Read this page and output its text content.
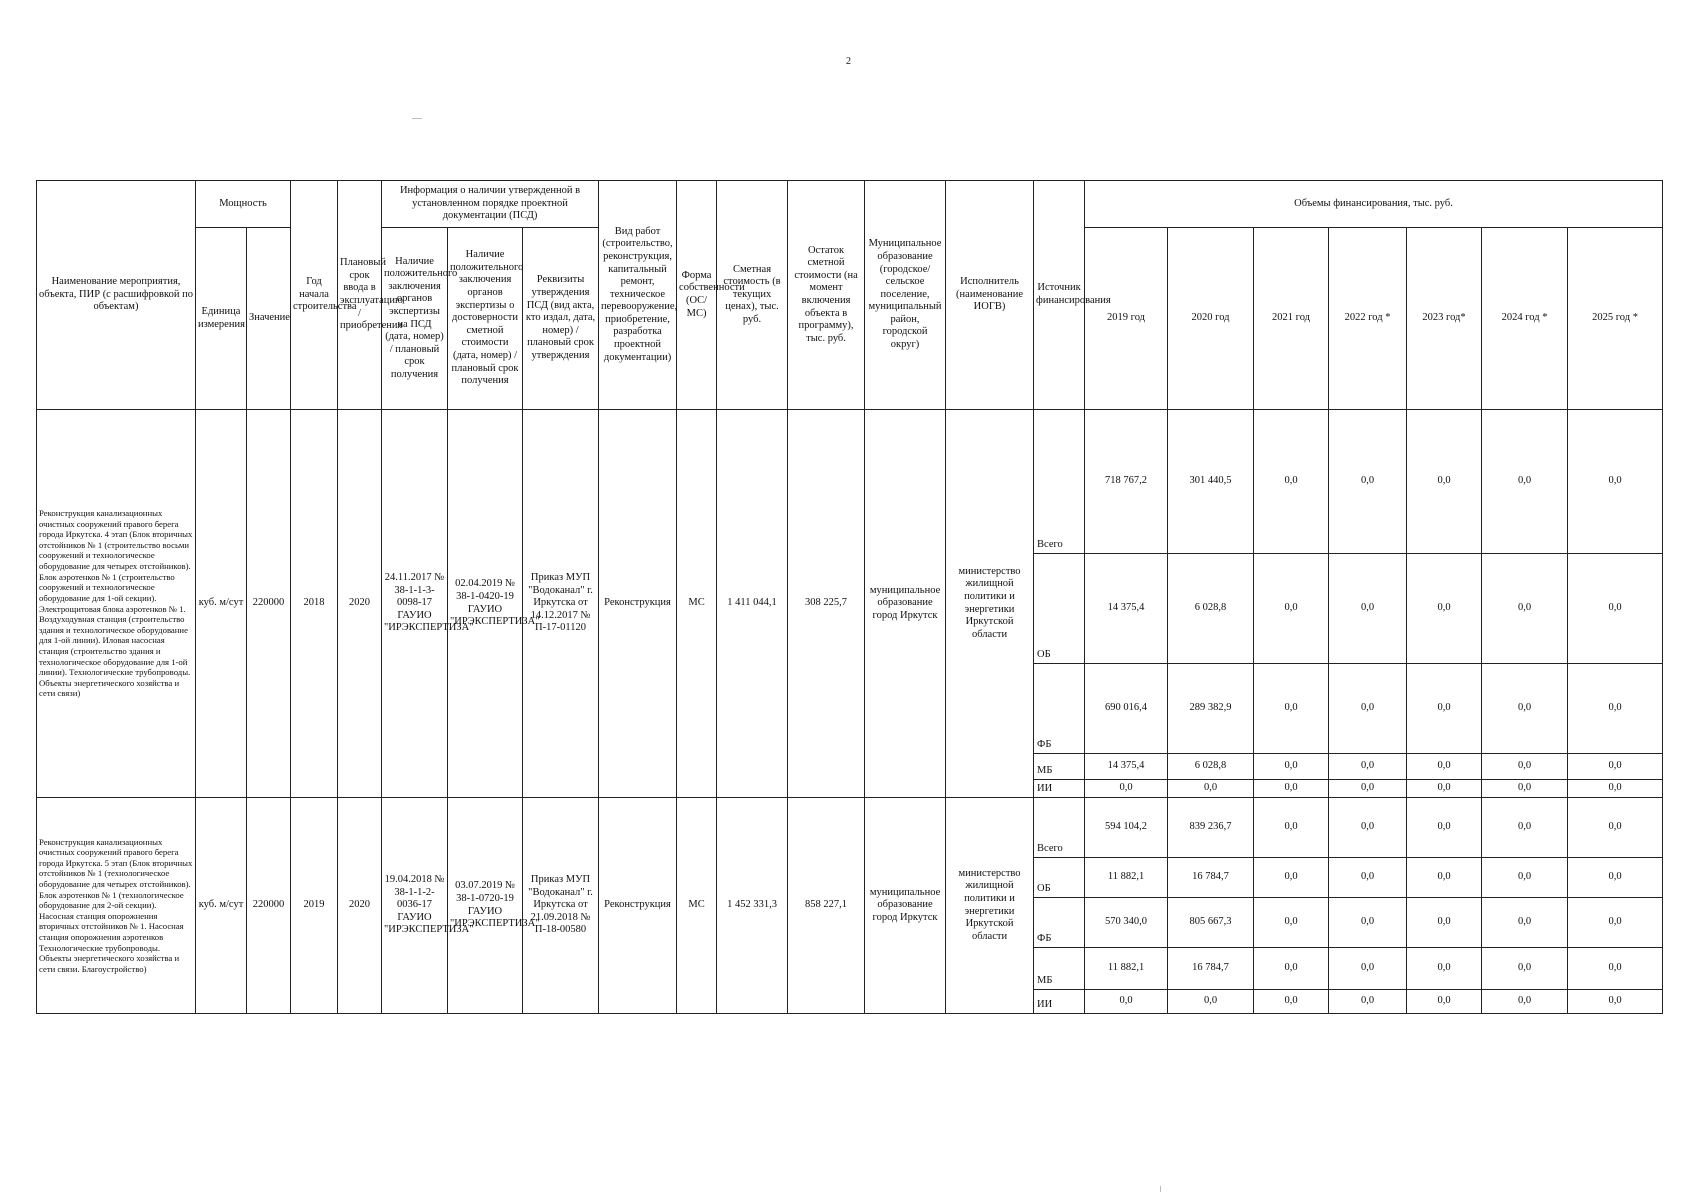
2
Наименование мероприятия, объекта, ПИР (с расшифровкой по объектам)	Мощность		Год начала строительства	Плановый срок ввода в эксплуатацию / приобретения	Информация о наличии утвержденной в установленном порядке проектной документации (ПСД)			Вид работ (строительство, реконструкция, капитальный ремонт, техническое перевооружение, приобретение, разработка проектной документации)	Форма собственности (ОС/МС)	Сметная стоимость (в текущих ценах), тыс. руб.	Остаток сметной стоимости (на момент включения объекта в программу), тыс. руб.	Муниципальное образование (городское/сельское поселение, муниципальный район, городской округ)	Исполнитель (наименование ИОГВ)	Источник финансирования	Объемы финансирования, тыс. руб.						
	Единица измерения	Значение			Наличие положительного заключения органов экспертизы на ПСД (дата, номер) / плановый срок получения	Наличие положительного заключения органов экспертизы о достоверности сметной стоимости (дата, номер) / плановый срок получения	Реквизиты утверждения ПСД (вид акта, кто издал, дата, номер) / плановый срок утверждения								2019 год	2020 год	2021 год	2022 год *	2023 год*	2024 год *	2025 год *
Реконструкция канализационных очистных сооружений правого берега города Иркутска. 4 этап (Блок вторичных отстойников № 1 (строительство восьми сооружений и технологическое оборудование для четырех отстойников). Блок аэротенков № 1 (строительство сооружений и технологическое оборудование для 1-ой секции). Электрощитовая блока аэротенков № 1. Воздуходувная станция (строительство здания и технологическое оборудование для 1-ой линии). Иловая насосная станция (строительство здания и технологическое оборудование для 1-ой линии). Технологические трубопроводы. Объекты энергетического хозяйства и сети связи)	куб. м/сут	220000	2018	2020	24.11.2017 № 38-1-1-3-0098-17 ГАУИО "ИРЭКСПЕРТИЗА"	02.04.2019 № 38-1-0420-19 ГАУИО "ИРЭКСПЕРТИЗА"	Приказ МУП "Водоканал" г. Иркутска от 14.12.2017 № П-17-01120	Реконструкция	МС	1 411 044,1	308 225,7	муниципальное образование город Иркутск	министерство жилищной политики и энергетики Иркутской области	Всего	718 767,2	301 440,5	0,0	0,0	0,0	0,0	0,0
														ОБ	14 375,4	6 028,8	0,0	0,0	0,0	0,0	0,0
														ФБ	690 016,4	289 382,9	0,0	0,0	0,0	0,0	0,0
														МБ	14 375,4	6 028,8	0,0	0,0	0,0	0,0	0,0
														ИИ	0,0	0,0	0,0	0,0	0,0	0,0	0,0
Реконструкция канализационных очистных сооружений правого берега города Иркутска. 5 этап (Блок вторичных отстойников № 1 (технологическое оборудование для четырех отстойников). Блок аэротенков № 1 (технологическое оборудование для 2-ой секции). Насосная станция опорожнения вторичных отстойников № 1. Насосная станция опорожнения аэротенков Технологические трубопроводы. Объекты энергетического хозяйства и сети связи. Благоустройство)	куб. м/сут	220000	2019	2020	19.04.2018 № 38-1-1-2-0036-17 ГАУИО "ИРЭКСПЕРТИЗА"	03.07.2019 № 38-1-0720-19 ГАУИО "ИРЭКСПЕРТИЗА"	Приказ МУП "Водоканал" г. Иркутска от 21.09.2018 № П-18-00580	Реконструкция	МС	1 452 331,3	858 227,1	муниципальное образование город Иркутск	министерство жилищной политики и энергетики Иркутской области	Всего	594 104,2	839 236,7	0,0	0,0	0,0	0,0	0,0
														ОБ	11 882,1	16 784,7	0,0	0,0	0,0	0,0	0,0
														ФБ	570 340,0	805 667,3	0,0	0,0	0,0	0,0	0,0
														МБ	11 882,1	16 784,7	0,0	0,0	0,0	0,0	0,0
														ИИ	0,0	0,0	0,0	0,0	0,0	0,0	0,0
